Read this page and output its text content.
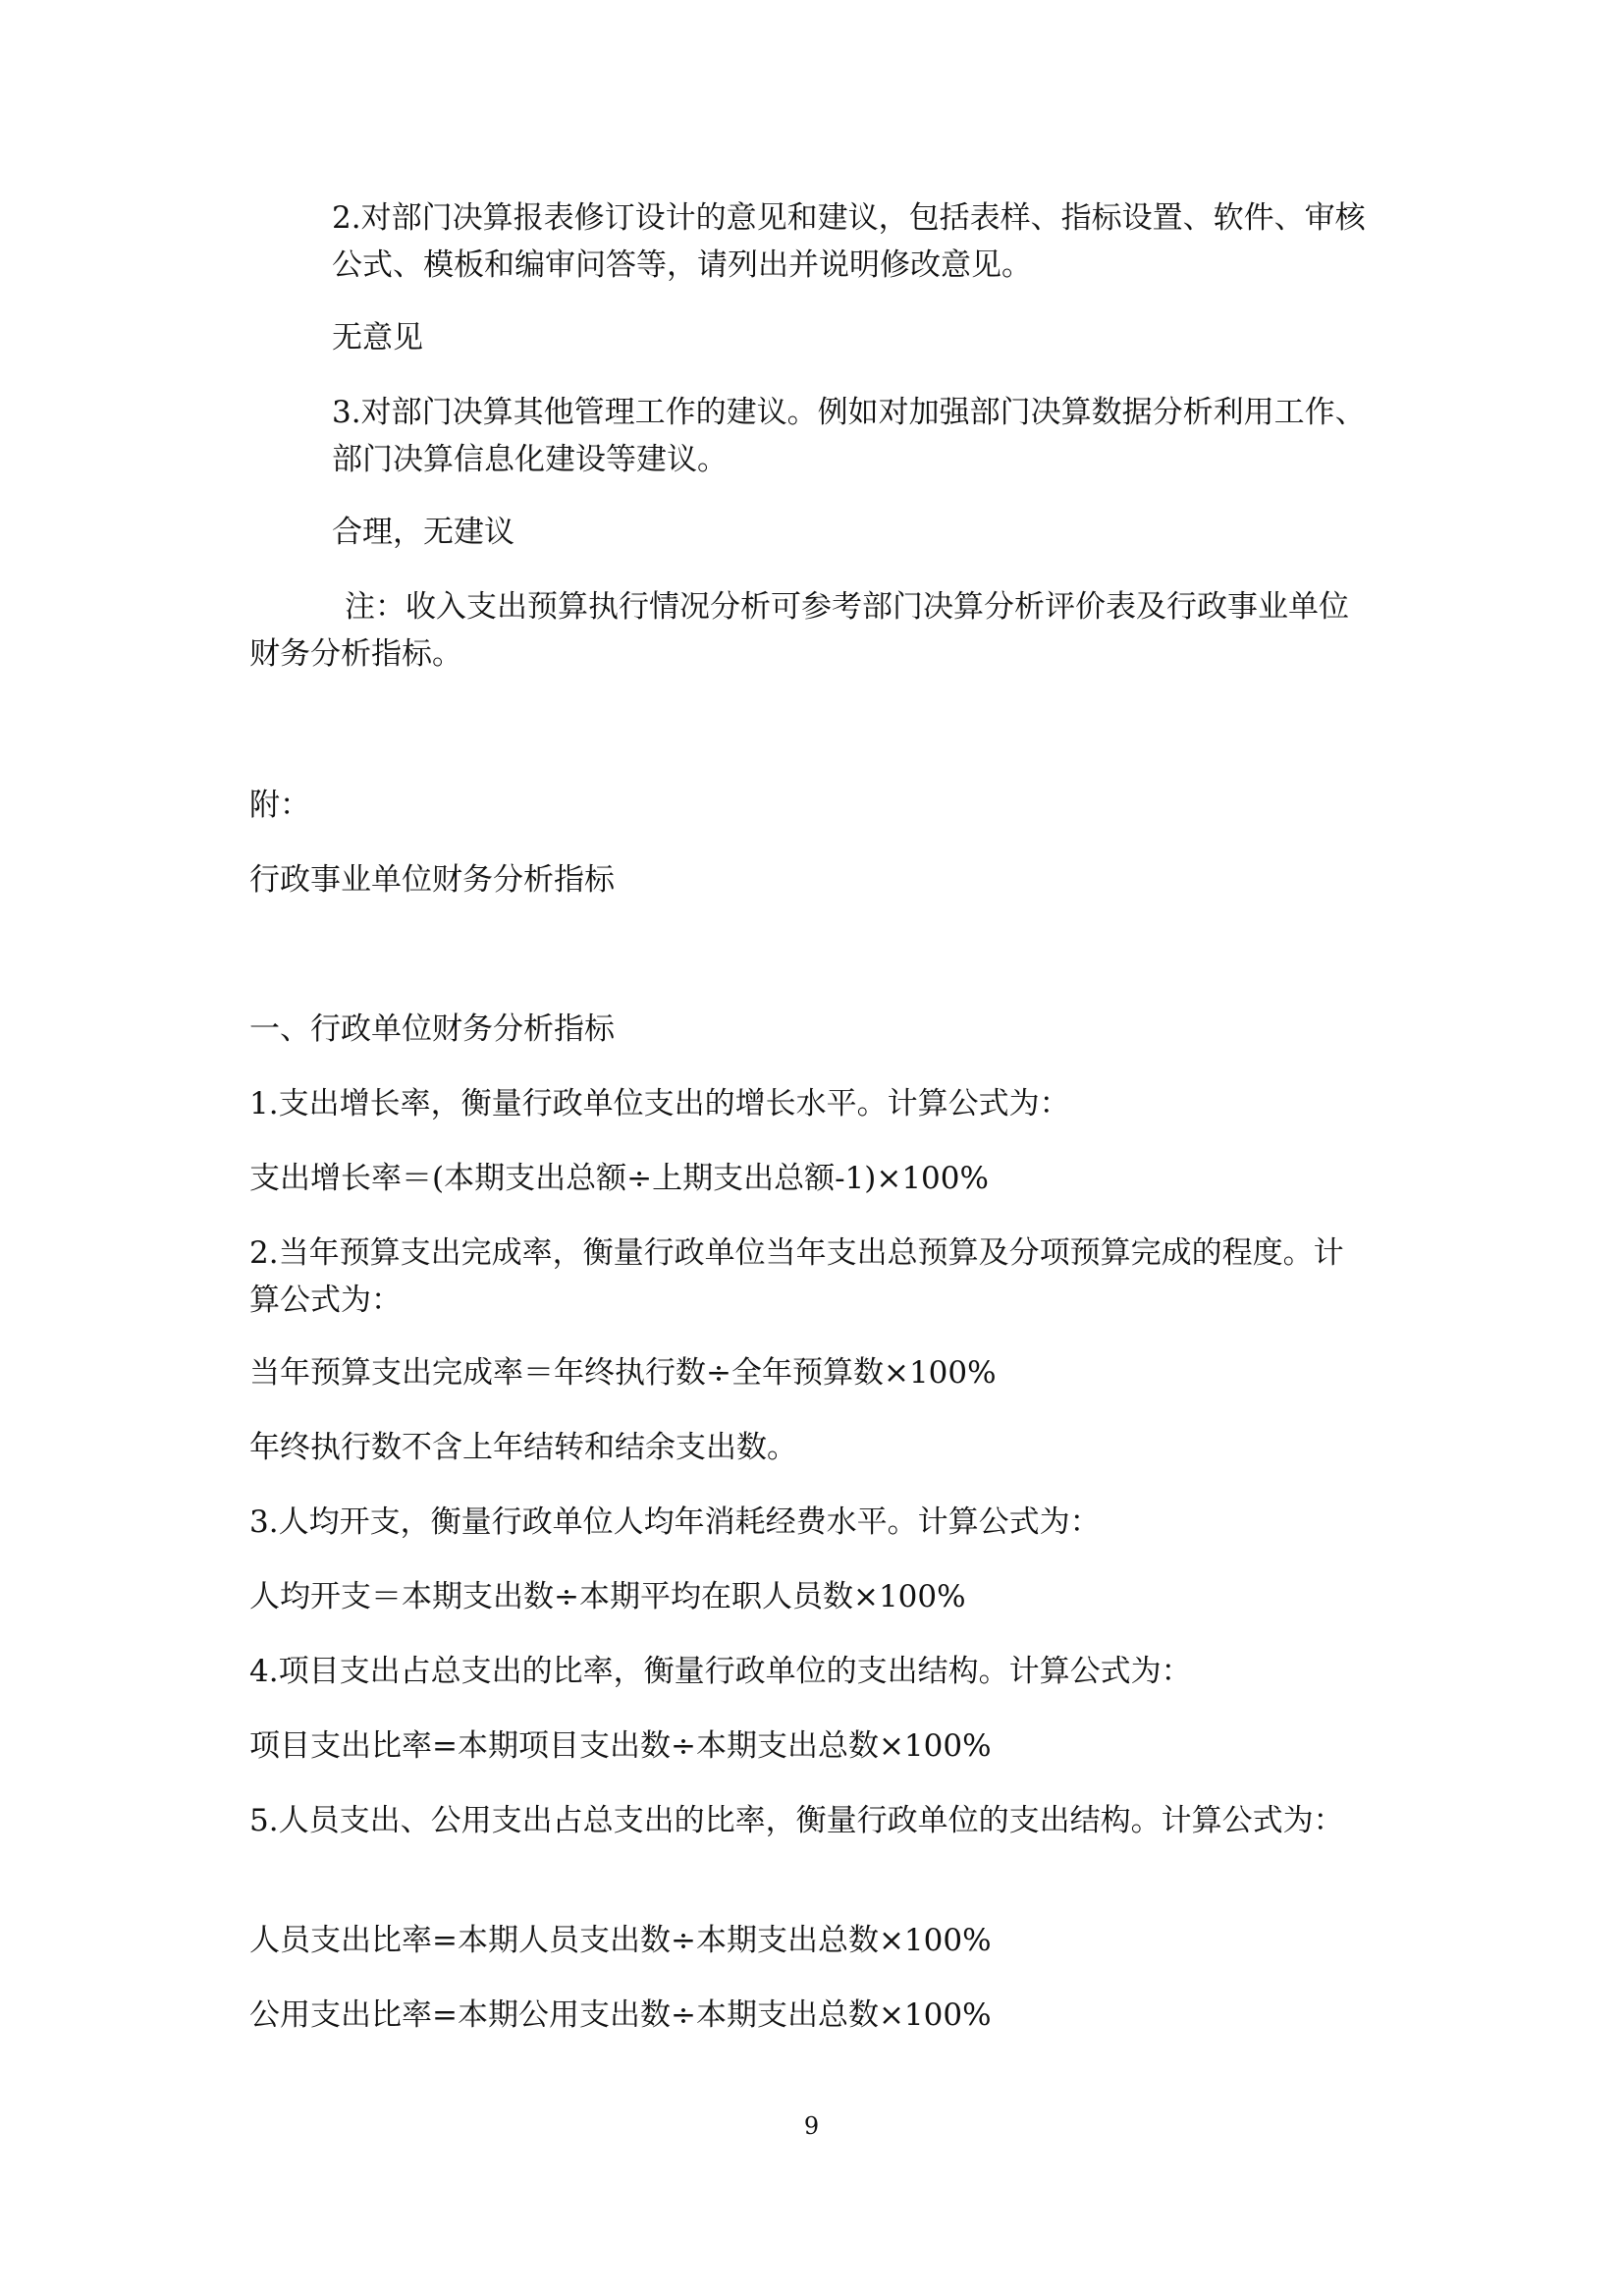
2.对部门决算报表修订设计的意见和建议，包括表样、指标设置、软件、审核公式、模板和编审问答等，请列出并说明修改意见。

无意见

3.对部门决算其他管理工作的建议。例如对加强部门决算数据分析利用工作、部门决算信息化建设等建议。

合理，无建议

注：收入支出预算执行情况分析可参考部门决算分析评价表及行政事业单位财务分析指标。

附：

行政事业单位财务分析指标

一、行政单位财务分析指标

1.支出增长率，衡量行政单位支出的增长水平。计算公式为：

支出增长率＝(本期支出总额÷上期支出总额-1)×100%

2.当年预算支出完成率，衡量行政单位当年支出总预算及分项预算完成的程度。计算公式为：

当年预算支出完成率＝年终执行数÷全年预算数×100%

年终执行数不含上年结转和结余支出数。

3.人均开支，衡量行政单位人均年消耗经费水平。计算公式为：

人均开支＝本期支出数÷本期平均在职人员数×100%

4.项目支出占总支出的比率，衡量行政单位的支出结构。计算公式为：

项目支出比率=本期项目支出数÷本期支出总数×100%

5.人员支出、公用支出占总支出的比率，衡量行政单位的支出结构。计算公式为：

人员支出比率=本期人员支出数÷本期支出总数×100%

公用支出比率=本期公用支出数÷本期支出总数×100%

9
